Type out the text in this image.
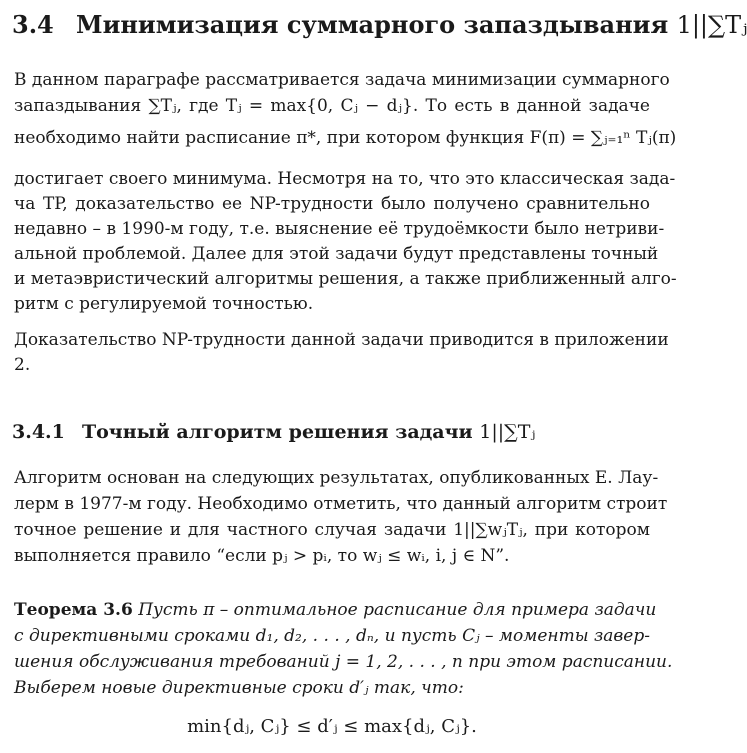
3.4 Минимизация суммарного запаздывания 1||∑Tⱼ
В данном параграфе рассматривается задача минимизации суммарного
запаздывания ∑Tⱼ, где Tⱼ = max{0, Cⱼ − dⱼ}. То есть в данной задаче
необходимо найти расписание π*, при котором функция F(π) = ∑ⱼ₌₁ⁿ Tⱼ(π)
достигает своего минимума. Несмотря на то, что это классическая зада-
ча TP, доказательство ее NP-трудности было получено сравнительно
недавно – в 1990-м году, т.е. выяснение её трудоёмкости было нетриви-
альной проблемой. Далее для этой задачи будут представлены точный
и метаэвристический алгоритмы решения, а также приближенный алго-
ритм с регулируемой точностью.
Доказательство NP-трудности данной задачи приводится в приложении
2.
3.4.1 Точный алгоритм решения задачи 1||∑Tⱼ
Алгоритм основан на следующих результатах, опубликованных Е. Лау-
лерм в 1977-м году. Необходимо отметить, что данный алгоритм строит
точное решение и для частного случая задачи 1||∑wⱼTⱼ, при котором
выполняется правило “если pⱼ > pᵢ, то wⱼ ≤ wᵢ, i, j ∈ N”.
Теорема 3.6 Пусть π – оптимальное расписание для примера задачи
с директивными сроками d₁, d₂, . . . , dₙ, и пусть Cⱼ – моменты завер-
шения обслуживания требований j = 1, 2, . . . , n при этом расписании.
Выберем новые директивные сроки d′ⱼ так, что:
min{dⱼ, Cⱼ} ≤ d′ⱼ ≤ max{dⱼ, Cⱼ}.
